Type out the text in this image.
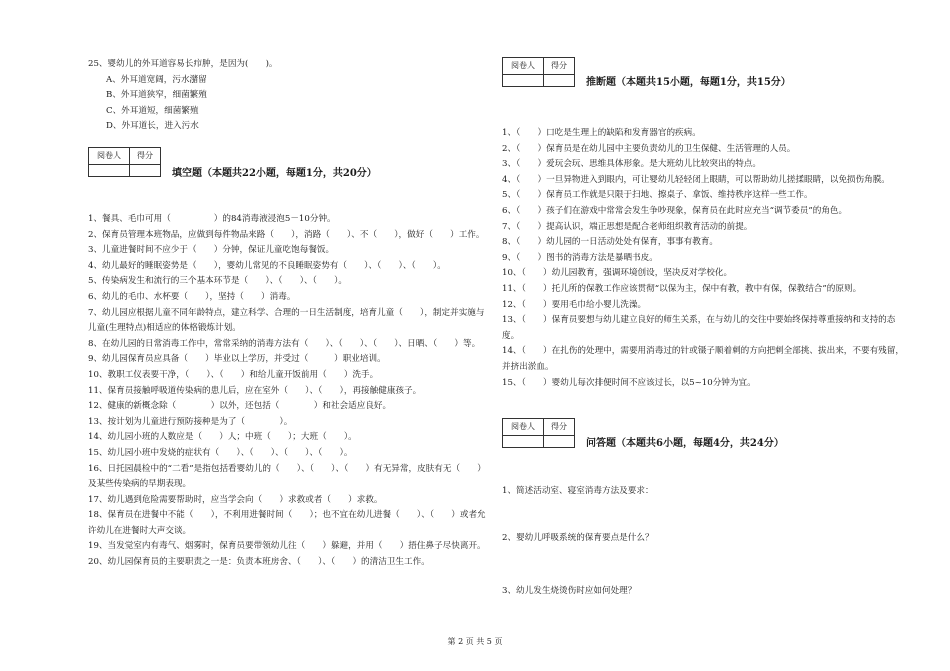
25、婴幼儿的外耳道容易长疖肿，是因为(　　)。
A、外耳道宽阔，污水潴留
B、外耳道狭窄，细菌繁殖
C、外耳道短，细菌繁殖
D、外耳道长，进入污水
阅卷人	得分

填空题（本题共22小题，每题1分，共20分）
1、餐具、毛巾可用（　　　　　）的84消毒液浸泡5－10分钟。
2、保育员管理本班物品，应做到每件物品来路（　　），消路（　　）、不（　　），做好（　　）工作。
3、儿童进餐时间不应少于（　　）分钟，保证儿童吃饱每餐饭。
4、幼儿最好的睡眠姿势是（　　），婴幼儿常见的不良睡眠姿势有（　　）、（　　）、（　　）。
5、传染病发生和流行的三个基本环节是（　　）、（　　）、（　　）。
6、幼儿的毛巾、水杯要（　　），坚持（　　）消毒。
7、幼儿园应根据儿童不同年龄特点，建立科学、合理的一日生活制度，培育儿童（　　），制定并实施与儿童(生理特点)相适应的体格锻炼计划。
8、在幼儿园的日常消毒工作中，常常采纳的消毒方法有（　　）、（　　）、（　　）、日晒、（　　）等。
9、幼儿园保育员应具备（　　）毕业以上学历，并受过（　　　）职业培训。
10、教职工仪表要干净，（　　）、（　　）和给儿童开饭前用（　　）洗手。
11、保育员接触呼吸道传染病的患儿后，应在室外（　　）、（　　），再接触健康孩子。
12、健康的新概念除（　　　　）以外，还包括（　　　　）和社会适应良好。
13、按计划为儿童进行预防接种是为了（　　　　）。
14、幼儿园小班的人数应是（　　）人；中班（　　）；大班（　　）。
15、幼儿园小班中发烧的症状有（　　）、（　　）、（　　）、（　　）。
16、日托园晨检中的“二看”是指包括看婴幼儿的（　　）、（　　）、（　　）有无异常，皮肤有无（　　）及某些传染病的早期表现。
17、幼儿遇到危险需要帮助时，应当学会向（　　）求救或者（　　）求救。
18、保育员在进餐中不能（　　），不利用进餐时间（　　）；也不宜在幼儿进餐（　　）、（　　）或者允许幼儿在进餐时大声交谈。
19、当发觉室内有毒气、烟雾时，保育员要带领幼儿往（　　）躲避，并用（　　）捂住鼻子尽快离开。
20、幼儿园保育员的主要职责之一是：负责本班房舍、（　　）、（　　）的清洁卫生工作。
阅卷人	得分

推断题（本题共15小题，每题1分，共15分）
1、（　　）口吃是生理上的缺陷和发育器官的疾病。
2、（　　）保育员是在幼儿园中主要负责幼儿的卫生保健、生活管理的人员。
3、（　　）爱玩会玩、思维具体形象。是大班幼儿比较突出的特点。
4、（　　）一旦异物进入到眼内，可让婴幼儿轻轻闭上眼睛，可以帮助幼儿搓揉眼睛，以免损伤角膜。
5、（　　）保育员工作就是只限于扫地、擦桌子、拿饭、维持秩序这样一些工作。
6、（　　）孩子们在游戏中常常会发生争吵现象，保育员在此时应充当“调节委员”的角色。
7、（　　）提高认识，端正思想是配合老师组织教育活动的前提。
8、（　　）幼儿园的一日活动处处有保育，事事有教育。
9、（　　）图书的消毒方法是暴晒书皮。
10、（　　）幼儿园教育，强调环境创设，坚决反对学校化。
11、（　　）托儿所的保教工作应该贯彻“以保为主，保中有教，教中有保，保教结合”的原则。
12、（　　）要用毛巾给小婴儿洗澡。
13、（　　）保育员要想与幼儿建立良好的师生关系，在与幼儿的交往中要始终保持尊重接纳和支持的态度。
14、（　　）在扎伤的处理中，需要用消毒过的针或镊子顺着刺的方向把刺全部挑、拔出来，不要有残留，并挤出淤血。
15、（　　）婴幼儿每次排便时间不应该过长，以5~10分钟为宜。
阅卷人	得分

问答题（本题共6小题，每题4分，共24分）
1、简述活动室、寝室消毒方法及要求：
2、婴幼儿呼吸系统的保育要点是什么？
3、幼儿发生烧烫伤时应如何处理？
第 2 页 共 5 页
